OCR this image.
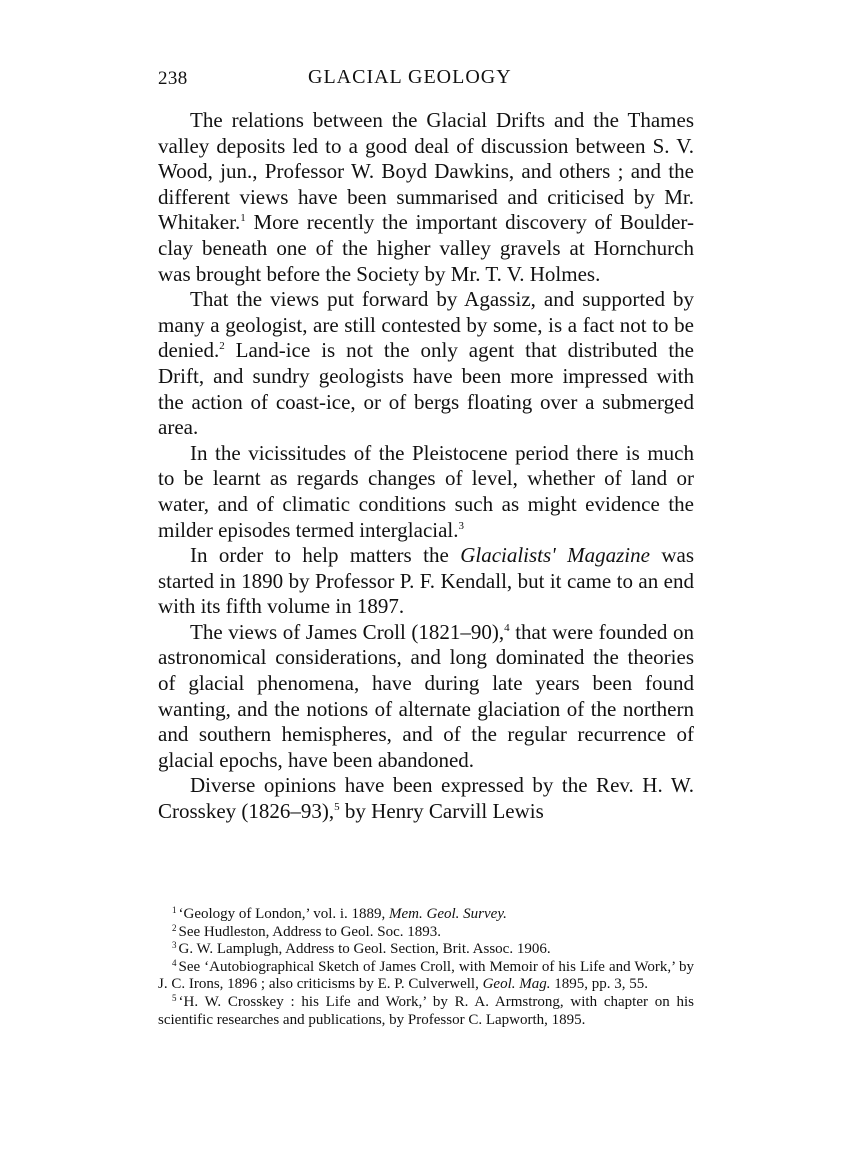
238	GLACIAL GEOLOGY

The relations between the Glacial Drifts and the Thames valley deposits led to a good deal of discussion between S. V. Wood, jun., Professor W. Boyd Dawkins, and others ; and the different views have been summarised and criticised by Mr. Whitaker.$^1$ More recently the important discovery of Boulder-clay beneath one of the higher valley gravels at Hornchurch was brought before the Society by Mr. T. V. Holmes.

That the views put forward by Agassiz, and supported by many a geologist, are still contested by some, is a fact not to be denied.$^2$ Land-ice is not the only agent that distributed the Drift, and sundry geologists have been more impressed with the action of coast-ice, or of bergs floating over a submerged area.

In the vicissitudes of the Pleistocene period there is much to be learnt as regards changes of level, whether of land or water, and of climatic conditions such as might evidence the milder episodes termed interglacial.$^3$

In order to help matters the Glacialists' Magazine was started in 1890 by Professor P. F. Kendall, but it came to an end with its fifth volume in 1897.

The views of James Croll (1821–90),$^4$ that were founded on astronomical considerations, and long dominated the theories of glacial phenomena, have during late years been found wanting, and the notions of alternate glaciation of the northern and southern hemispheres, and of the regular recurrence of glacial epochs, have been abandoned.

Diverse opinions have been expressed by the Rev. H. W. Crosskey (1826–93),$^5$ by Henry Carvill Lewis

$^1$ ‘Geology of London,’ vol. i. 1889, Mem. Geol. Survey.

$^2$ See Hudleston, Address to Geol. Soc. 1893.

$^3$ G. W. Lamplugh, Address to Geol. Section, Brit. Assoc. 1906.

$^4$ See ‘Autobiographical Sketch of James Croll, with Memoir of his Life and Work,’ by J. C. Irons, 1896 ; also criticisms by E. P. Culverwell, Geol. Mag. 1895, pp. 3, 55.

$^5$ ‘H. W. Crosskey : his Life and Work,’ by R. A. Armstrong, with chapter on his scientific researches and publications, by Professor C. Lapworth, 1895.
